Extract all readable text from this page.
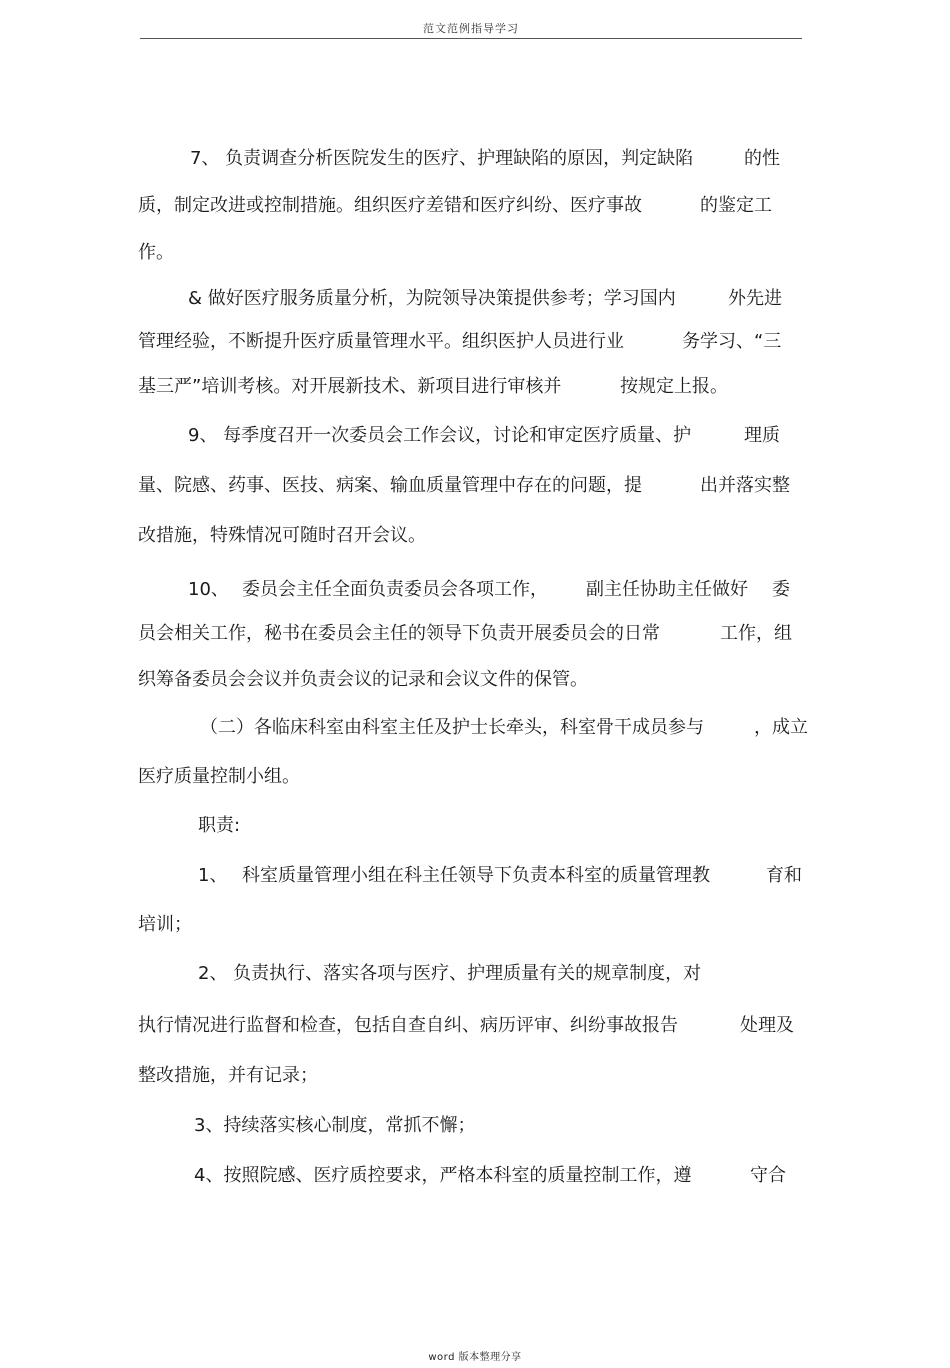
范文范例指导学习
7、 负责调查分析医院发生的医疗、护理缺陷的原因，判定缺陷	的性
质，制定改进或控制措施。组织医疗差错和医疗纠纷、医疗事故	的鉴定工
作。
& 做好医疗服务质量分析，为院领导决策提供参考；学习国内	外先进
管理经验，不断提升医疗质量管理水平。组织医护人员进行业	务学习、“三
基三严”培训考核。对开展新技术、新项目进行审核并	按规定上报。
9、 每季度召开一次委员会工作会议，讨论和审定医疗质量、护	理质
量、院感、药事、医技、病案、输血质量管理中存在的问题，提	出并落实整
改措施，特殊情况可随时召开会议。
10、 委员会主任全面负责委员会各项工作， 副主任协助主任做好 委
员会相关工作，秘书在委员会主任的领导下负责开展委员会的日常	工作，组
织筹备委员会会议并负责会议的记录和会议文件的保管。
（二）各临床科室由科室主任及护士长牵头，科室骨干成员参与	，成立
医疗质量控制小组。
职责:
1、 科室质量管理小组在科主任领导下负责本科室的质量管理教	育和
培训；
2、 负责执行、落实各项与医疗、护理质量有关的规章制度，对
执行情况进行监督和检查，包括自查自纠、病历评审、纠纷事故报告	处理及
整改措施，并有记录；
3、持续落实核心制度，常抓不懈；
4、按照院感、医疗质控要求，严格本科室的质量控制工作，遵	守合
word 版本整理分享
